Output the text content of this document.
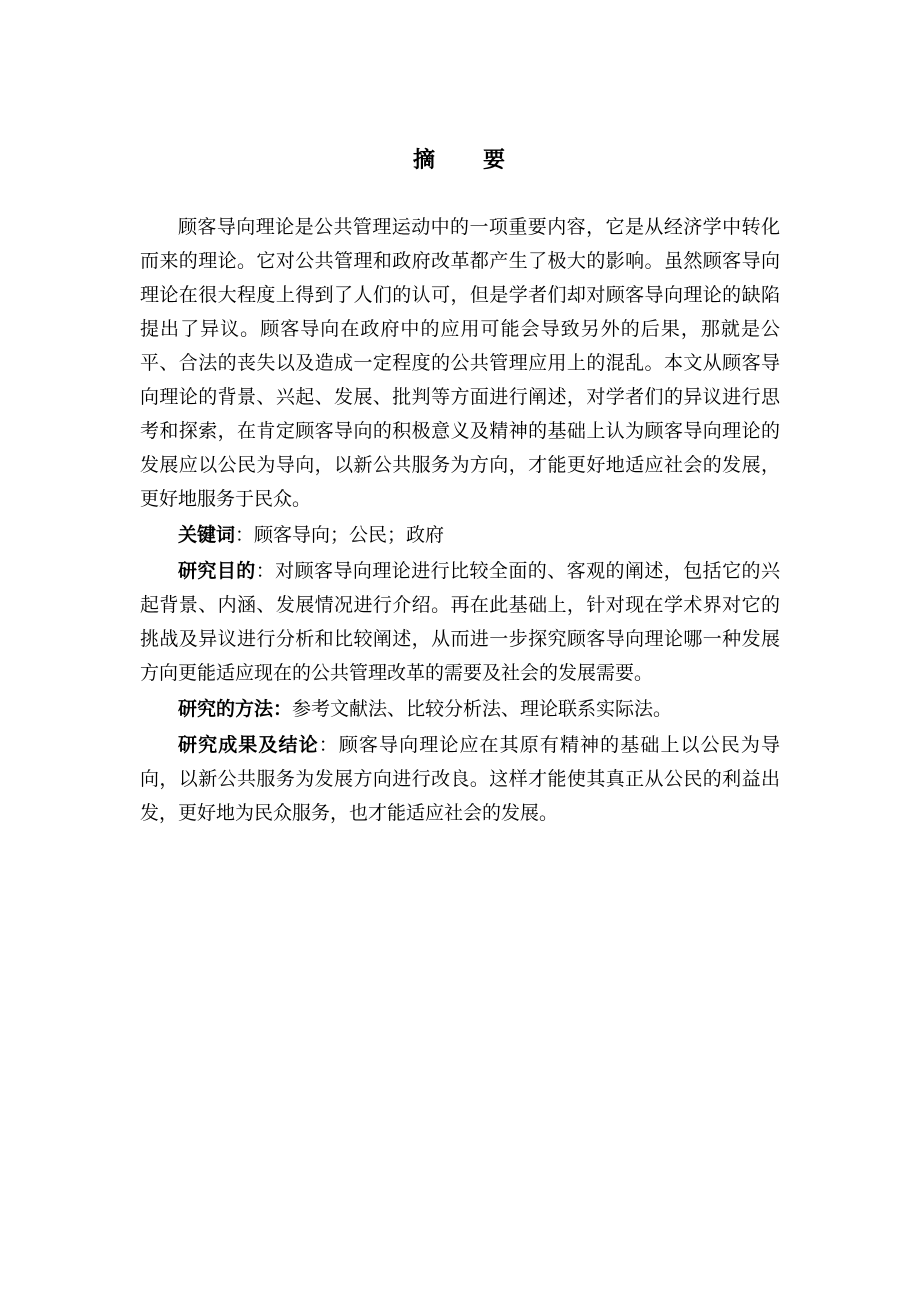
摘 要

顾客导向理论是公共管理运动中的一项重要内容，它是从经济学中转化而来的理论。它对公共管理和政府改革都产生了极大的影响。虽然顾客导向理论在很大程度上得到了人们的认可，但是学者们却对顾客导向理论的缺陷提出了异议。顾客导向在政府中的应用可能会导致另外的后果，那就是公平、合法的丧失以及造成一定程度的公共管理应用上的混乱。本文从顾客导向理论的背景、兴起、发展、批判等方面进行阐述，对学者们的异议进行思考和探索，在肯定顾客导向的积极意义及精神的基础上认为顾客导向理论的发展应以公民为导向，以新公共服务为方向，才能更好地适应社会的发展，更好地服务于民众。

关键词：顾客导向；公民；政府

研究目的：对顾客导向理论进行比较全面的、客观的阐述，包括它的兴起背景、内涵、发展情况进行介绍。再在此基础上，针对现在学术界对它的挑战及异议进行分析和比较阐述，从而进一步探究顾客导向理论哪一种发展方向更能适应现在的公共管理改革的需要及社会的发展需要。

研究的方法：参考文献法、比较分析法、理论联系实际法。

研究成果及结论：顾客导向理论应在其原有精神的基础上以公民为导向，以新公共服务为发展方向进行改良。这样才能使其真正从公民的利益出发，更好地为民众服务，也才能适应社会的发展。
